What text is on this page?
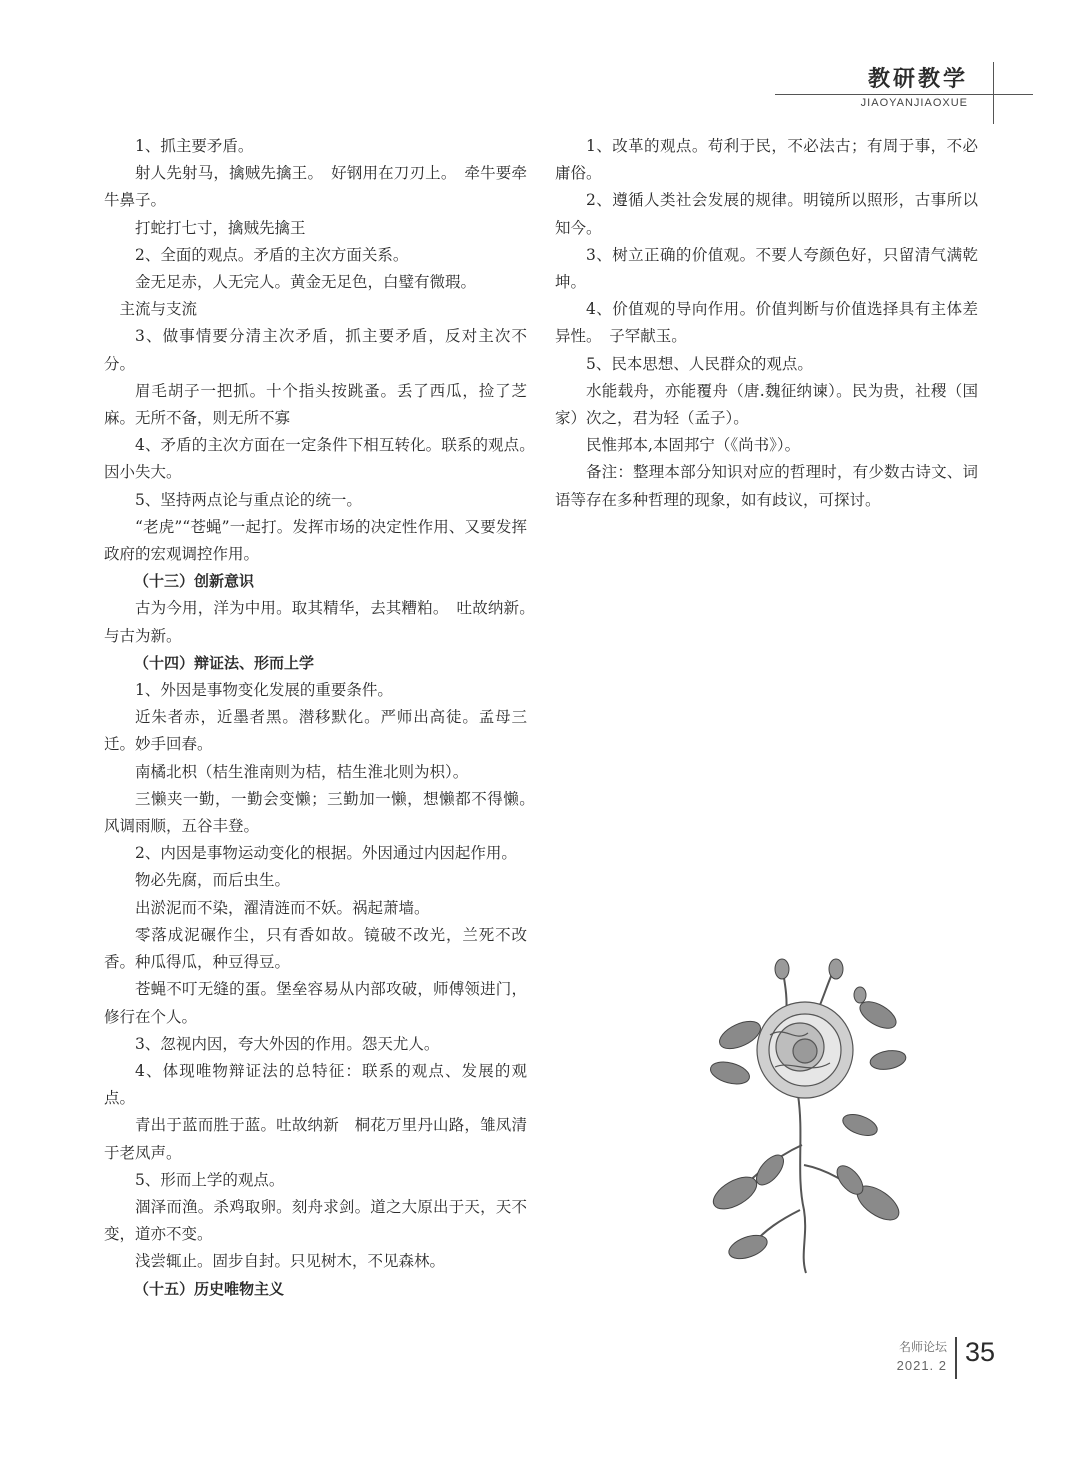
教研教学
JIAOYANJIAOXUE

1、抓主要矛盾。

射人先射马，擒贼先擒王。　好钢用在刀刃上。　牵牛要牵牛鼻子。

打蛇打七寸，擒贼先擒王

2、全面的观点。矛盾的主次方面关系。

金无足赤，人无完人。黄金无足色，白璧有微瑕。

主流与支流

3、做事情要分清主次矛盾，抓主要矛盾，反对主次不分。

眉毛胡子一把抓。十个指头按跳蚤。丢了西瓜，捡了芝麻。无所不备，则无所不寡

4、矛盾的主次方面在一定条件下相互转化。联系的观点。　　因小失大。

5、坚持两点论与重点论的统一。

“老虎”“苍蝇”一起打。发挥市场的决定性作用、又要发挥政府的宏观调控作用。

（十三）创新意识

古为今用，洋为中用。取其精华，去其糟粕。　吐故纳新。　与古为新。

（十四）辩证法、形而上学

1、外因是事物变化发展的重要条件。

近朱者赤，近墨者黑。潜移默化。严师出高徒。孟母三迁。妙手回春。

南橘北枳（桔生淮南则为桔，桔生淮北则为枳）。

三懒夹一勤，一勤会变懒；三勤加一懒，想懒都不得懒。　风调雨顺，五谷丰登。

2、内因是事物运动变化的根据。外因通过内因起作用。

物必先腐，而后虫生。

出淤泥而不染，濯清涟而不妖。祸起萧墙。

零落成泥碾作尘，只有香如故。镜破不改光，兰死不改香。种瓜得瓜，种豆得豆。

苍蝇不叮无缝的蛋。堡垒容易从内部攻破，师傅领进门，修行在个人。

3、忽视内因，夸大外因的作用。怨天尤人。

4、体现唯物辩证法的总特征：联系的观点、发展的观点。

青出于蓝而胜于蓝。吐故纳新　桐花万里丹山路，雏凤清于老凤声。

5、形而上学的观点。

涸泽而渔。杀鸡取卵。刻舟求剑。道之大原出于天，天不变，道亦不变。

浅尝辄止。固步自封。只见树木，不见森林。

（十五）历史唯物主义

1、改革的观点。苟利于民，不必法古；有周于事，不必庸俗。

2、遵循人类社会发展的规律。明镜所以照形，古事所以知今。

3、树立正确的价值观。不要人夸颜色好，只留清气满乾坤。

4、价值观的导向作用。价值判断与价值选择具有主体差异性。　子罕献玉。

5、民本思想、人民群众的观点。

水能载舟，亦能覆舟（唐.魏征纳谏）。民为贵，社稷（国家）次之，君为轻（孟子）。

民惟邦本,本固邦宁（《尚书》）。

备注：整理本部分知识对应的哲理时，有少数古诗文、词语等存在多种哲理的现象，如有歧议，可探讨。

名师论坛
2021. 2 35
